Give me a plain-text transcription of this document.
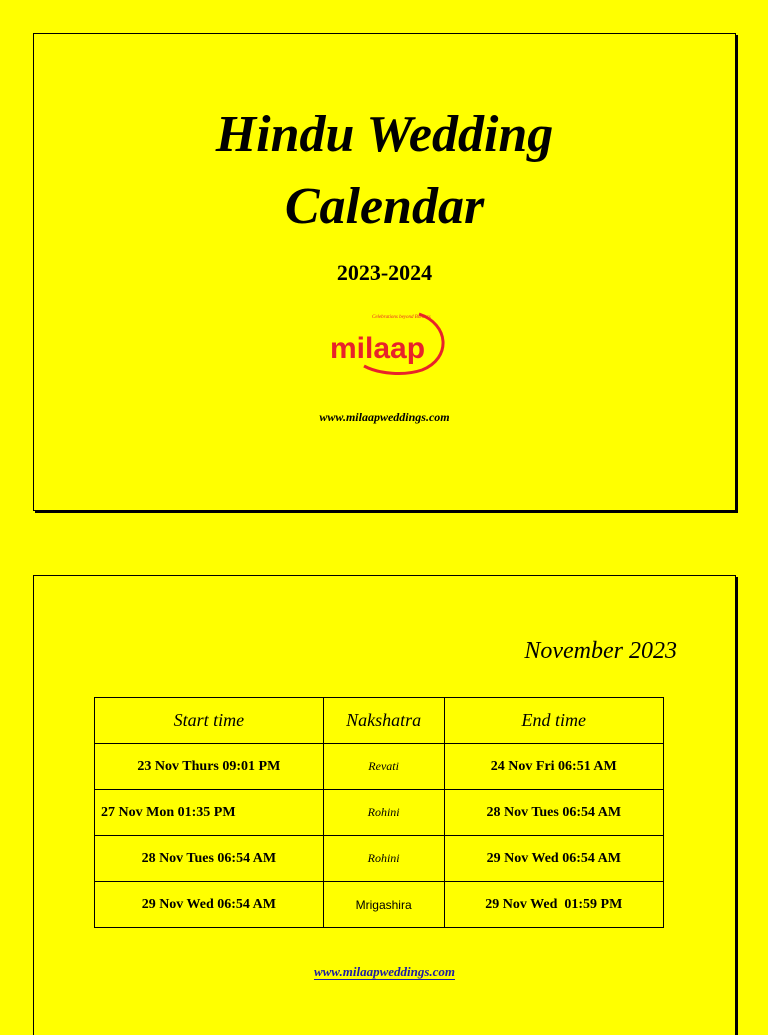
Hindu Wedding
Calendar
2023-2024
Celebrations beyond Borders
milaap
www.milaapweddings.com
November 2023
Start time	Nakshatra	End time
23 Nov Thurs 09:01 PM	Revati	24 Nov Fri 06:51 AM
27 Nov Mon 01:35 PM	Rohini	28 Nov Tues 06:54 AM
28 Nov Tues 06:54 AM	Rohini	29 Nov Wed 06:54 AM
29 Nov Wed 06:54 AM	Mrigashira	29 Nov Wed  01:59 PM
www.milaapweddings.com
